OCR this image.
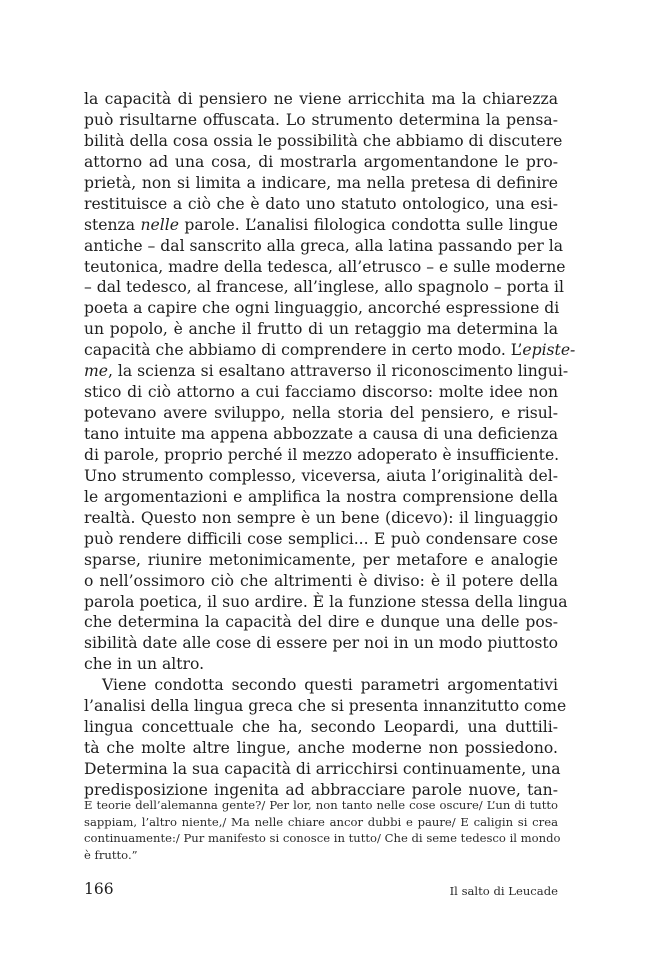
la capacità di pensiero ne viene arricchita ma la chiarezza
può risultarne offuscata. Lo strumento determina la pensa-
bilità della cosa ossia le possibilità che abbiamo di discutere
attorno ad una cosa, di mostrarla argomentandone le pro-
prietà, non si limita a indicare, ma nella pretesa di definire
restituisce a ciò che è dato uno statuto ontologico, una esi-
stenza nelle parole. L’analisi filologica condotta sulle lingue
antiche – dal sanscrito alla greca, alla latina passando per la
teutonica, madre della tedesca, all’etrusco – e sulle moderne
– dal tedesco, al francese, all’inglese, allo spagnolo – porta il
poeta a capire che ogni linguaggio, ancorché espressione di
un popolo, è anche il frutto di un retaggio ma determina la
capacità che abbiamo di comprendere in certo modo. L’episte-
me, la scienza si esaltano attraverso il riconoscimento lingui-
stico di ciò attorno a cui facciamo discorso: molte idee non
potevano avere sviluppo, nella storia del pensiero, e risul-
tano intuite ma appena abbozzate a causa di una deficienza
di parole, proprio perché il mezzo adoperato è insufficiente.
Uno strumento complesso, viceversa, aiuta l’originalità del-
le argomentazioni e amplifica la nostra comprensione della
realtà. Questo non sempre è un bene (dicevo): il linguaggio
può rendere difficili cose semplici... E può condensare cose
sparse, riunire metonimicamente, per metafore e analogie
o nell’ossimoro ciò che altrimenti è diviso: è il potere della
parola poetica, il suo ardire. È la funzione stessa della lingua
che determina la capacità del dire e dunque una delle pos-
sibilità date alle cose di essere per noi in un modo piuttosto
che in un altro.
Viene condotta secondo questi parametri argomentativi
l’analisi della lingua greca che si presenta innanzitutto come
lingua concettuale che ha, secondo Leopardi, una duttili-
tà che molte altre lingue, anche moderne non possiedono.
Determina la sua capacità di arricchirsi continuamente, una
predisposizione ingenita ad abbracciare parole nuove, tan-
E teorie dell’alemanna gente?/ Per lor, non tanto nelle cose oscure/ L’un di tutto
sappiam, l’altro niente,/ Ma nelle chiare ancor dubbi e paure/ E caligin si crea
continuamente:/ Pur manifesto si conosce in tutto/ Che di seme tedesco il mondo
è frutto.”
166	Il salto di Leucade
